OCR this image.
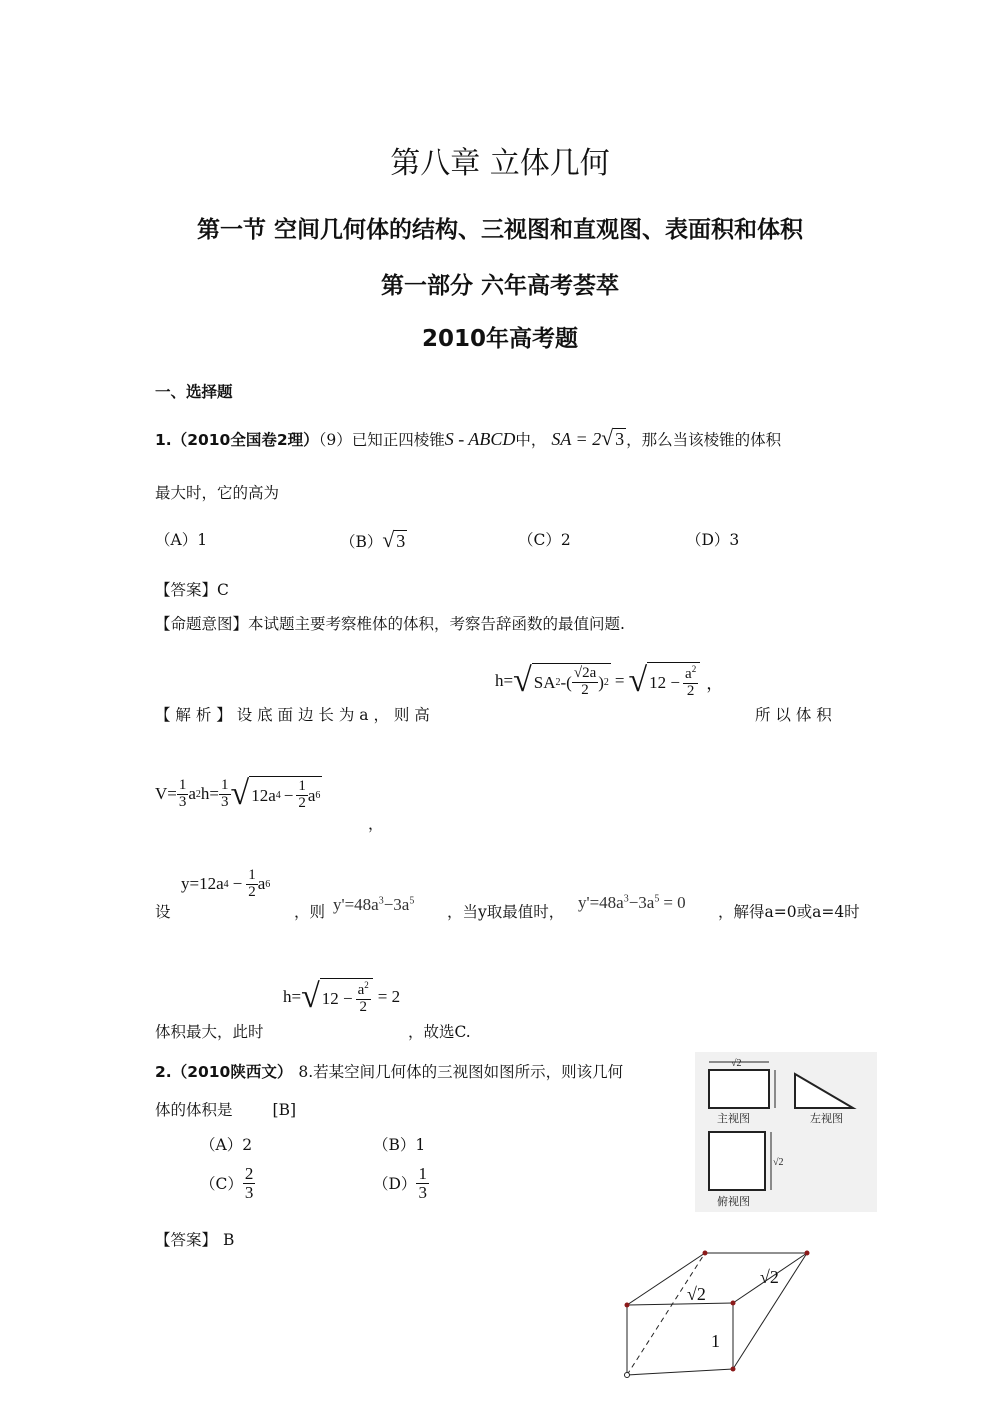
第八章 立体几何
第一节 空间几何体的结构、三视图和直观图、表面积和体积
第一部分 六年高考荟萃
2010年高考题
一、选择题
1.（2010全国卷2理）（9）已知正四棱锥S - ABCD中， SA = 2√ 3 ，那么当该棱锥的体积
最大时，它的高为
（A）1	（B）√ 3	（C）2	（D）3
【答案】C
【命题意图】本试题主要考察椎体的体积，考察告辞函数的最值问题.
【 解 析 】 设 底 面 边 长 为 a ， 则 高
h= √ SA 2 -( $\frac{√2a}{2}$ ) 2 = √ $12 - \frac{a^2}{2}$ ，
所 以 体 积
$V= \frac{1}{3}$ a 2 $h= \frac{1}{3}$ √ 12a $4 - \frac{1}{2}$ a 6
，
设
y=12a $4 - \frac{1}{2}$ a 6
，则 $y'=48a^3-3a^5$
，当y取最值时， $y'=48a^3-3a^5 = 0$ ，解得a=0或a=4时
体积最大，此时
h= √ $12 - \frac{a^2}{2} = 2$
，故选C.
2.（2010陕西文） 8.若某空间几何体的三视图如图所示，则该几何
体的体积是	[B]
（A）2	（B）1
$(C) \frac{2}{3}$	$(D) \frac{1}{3}$
【答案】 B
√2
主视图	左视图
√2
俯视图
√2
√2
1
